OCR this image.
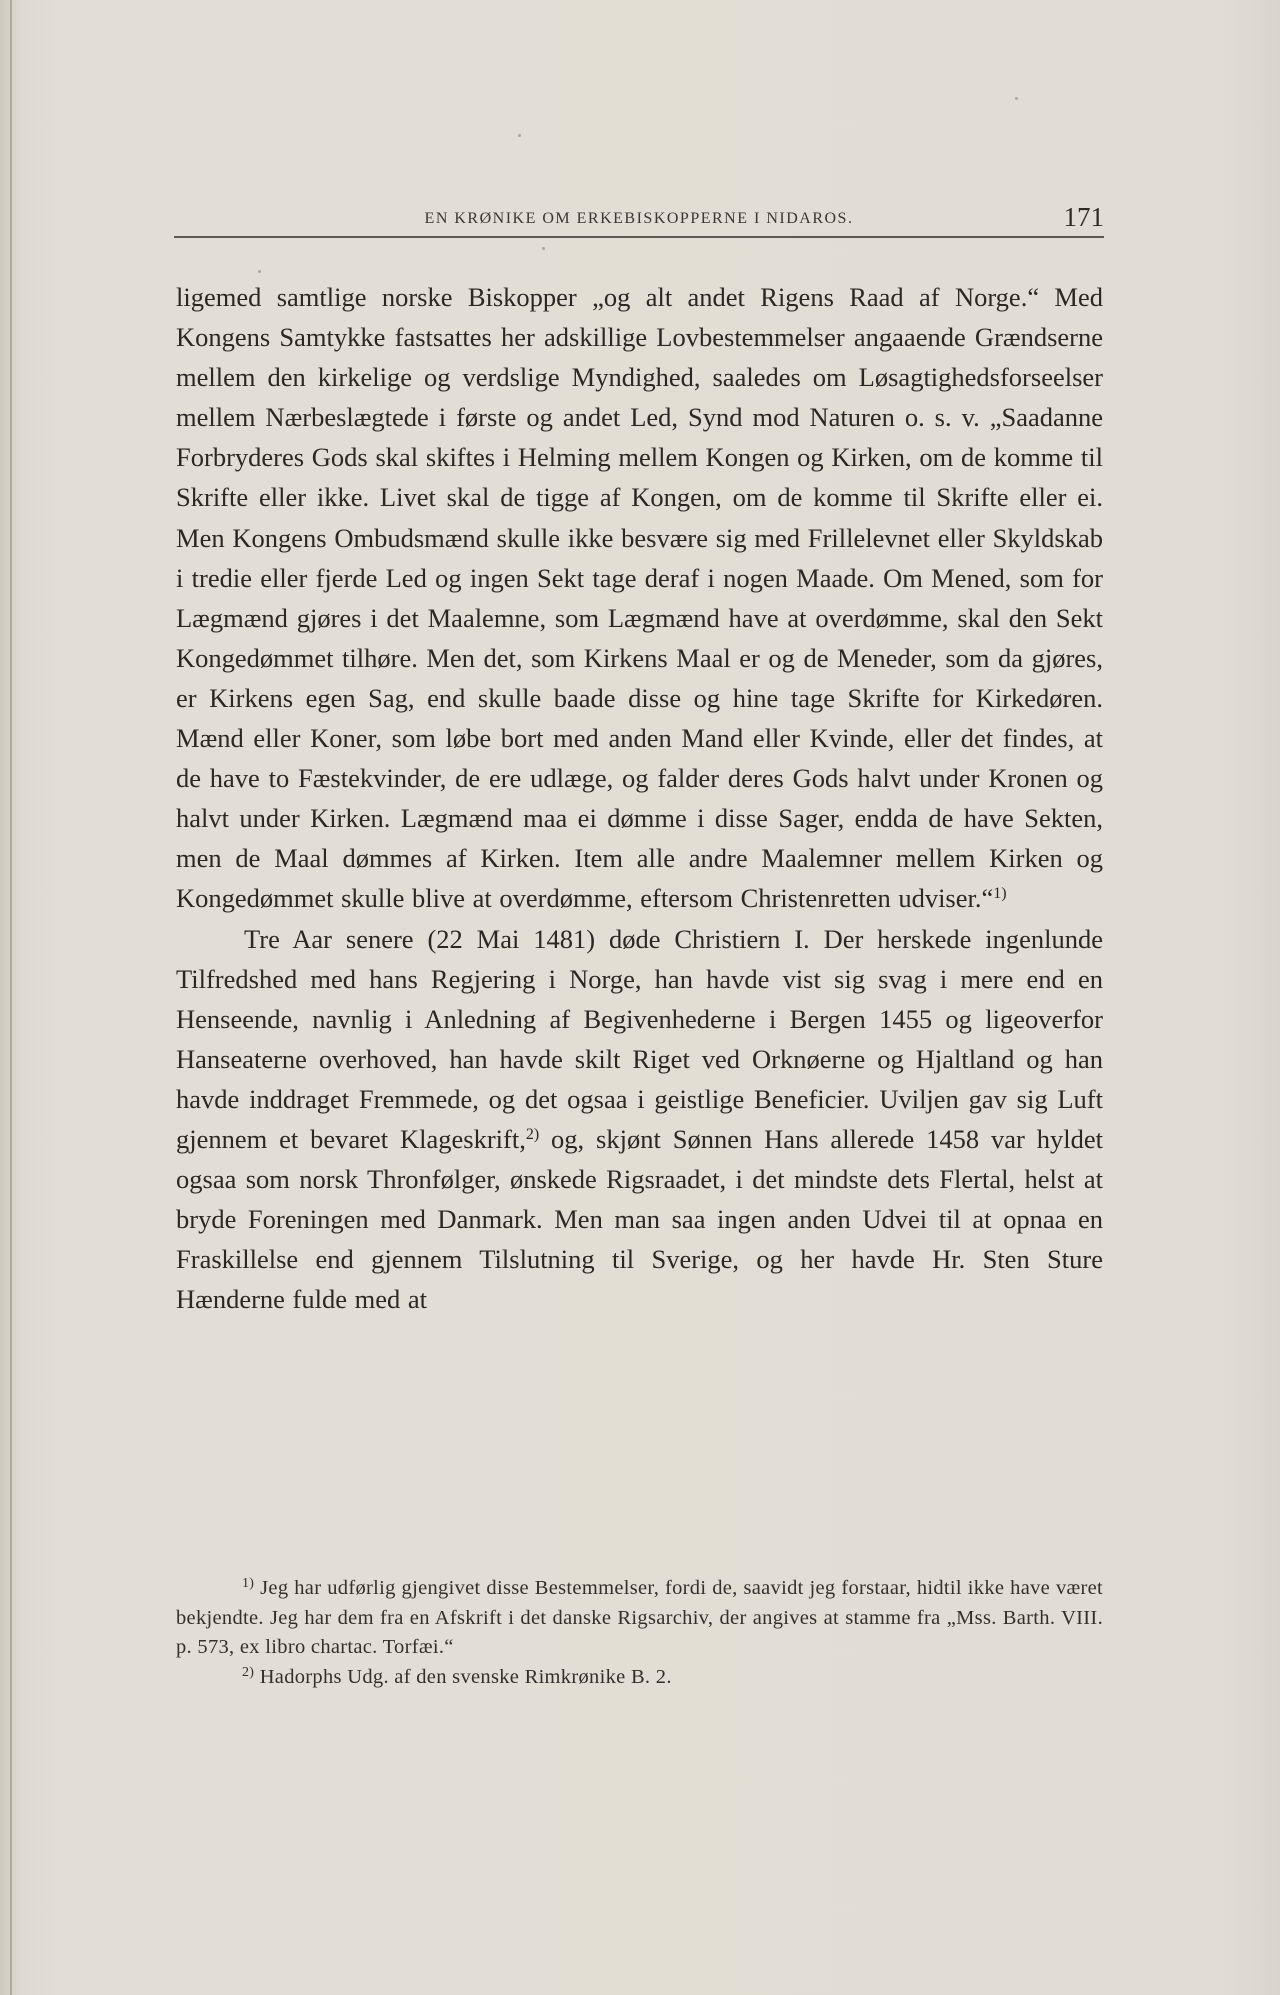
EN KRØNIKE OM ERKEBISKOPPERNE I NIDAROS.	171

ligemed samtlige norske Biskopper „og alt andet Rigens Raad af Norge.“ Med Kongens Samtykke fastsattes her adskillige Lovbestemmelser angaaende Grændserne mellem den kirkelige og verdslige Myndighed, saaledes om Løsagtighedsforseelser mellem Nærbeslægtede i første og andet Led, Synd mod Naturen o. s. v. „Saadanne Forbryderes Gods skal skiftes i Helming mellem Kongen og Kirken, om de komme til Skrifte eller ikke. Livet skal de tigge af Kongen, om de komme til Skrifte eller ei. Men Kongens Ombudsmænd skulle ikke besvære sig med Frillelevnet eller Skyldskab i tredie eller fjerde Led og ingen Sekt tage deraf i nogen Maade. Om Mened, som for Lægmænd gjøres i det Maalemne, som Lægmænd have at overdømme, skal den Sekt Kongedømmet tilhøre. Men det, som Kirkens Maal er og de Meneder, som da gjøres, er Kirkens egen Sag, end skulle baade disse og hine tage Skrifte for Kirkedøren. Mænd eller Koner, som løbe bort med anden Mand eller Kvinde, eller det findes, at de have to Fæstekvinder, de ere udlæge, og falder deres Gods halvt under Kronen og halvt under Kirken. Lægmænd maa ei dømme i disse Sager, endda de have Sekten, men de Maal dømmes af Kirken. Item alle andre Maalemner mellem Kirken og Kongedømmet skulle blive at overdømme, eftersom Christenretten udviser.“$^{1)}$

Tre Aar senere (22 Mai 1481) døde Christiern I. Der herskede ingenlunde Tilfredshed med hans Regjering i Norge, han havde vist sig svag i mere end en Henseende, navnlig i Anledning af Begivenhederne i Bergen 1455 og ligeoverfor Hanseaterne overhoved, han havde skilt Riget ved Orknøerne og Hjaltland og han havde inddraget Fremmede, og det ogsaa i geistlige Beneficier. Uviljen gav sig Luft gjennem et bevaret Klageskrift,$^{2)}$ og, skjønt Sønnen Hans allerede 1458 var hyldet ogsaa som norsk Thronfølger, ønskede Rigsraadet, i det mindste dets Flertal, helst at bryde Foreningen med Danmark. Men man saa ingen anden Udvei til at opnaa en Fraskillelse end gjennem Tilslutning til Sverige, og her havde Hr. Sten Sture Hænderne fulde med at

$^{1)}$ Jeg har udførlig gjengivet disse Bestemmelser, fordi de, saavidt jeg forstaar, hidtil ikke have været bekjendte. Jeg har dem fra en Afskrift i det danske Rigsarchiv, der angives at stamme fra „Mss. Barth. VIII. p. 573, ex libro chartac. Torfæi.“

$^{2)}$ Hadorphs Udg. af den svenske Rimkrønike B. 2.
